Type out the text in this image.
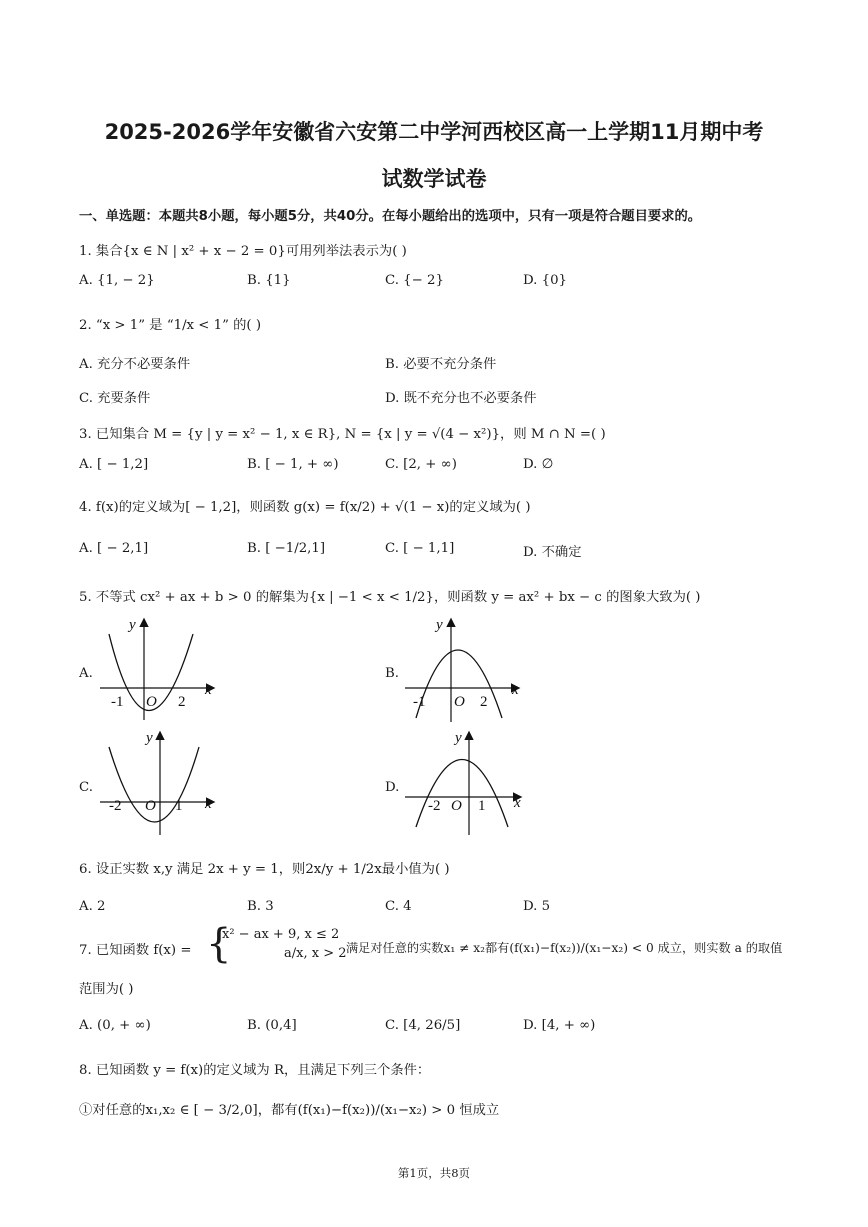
2025-2026学年安徽省六安第二中学河西校区高一上学期11月期中考
试数学试卷
一、单选题：本题共8小题，每小题5分，共40分。在每小题给出的选项中，只有一项是符合题目要求的。
1. 集合{x ∈ N | x² + x − 2 = 0}可用列举法表示为( )
A. {1, − 2}	B. {1}	C. {− 2}	D. {0}
2. “x > 1” 是 “1/x < 1” 的( )
A. 充分不必要条件	B. 必要不充分条件
C. 充要条件	D. 既不充分也不必要条件
3. 已知集合 M = {y | y = x² − 1, x ∈ R}, N = {x | y = √(4 − x²)}，则 M ∩ N =( )
A. [ − 1,2]	B. [ − 1, + ∞)	C. [2, + ∞)	D. ∅
4. f(x)的定义域为[ − 1,2]，则函数 g(x) = f(x/2) + √(1 − x)的定义域为( )
A. [ − 2,1]	B. [ −1/2,1]	C. [ − 1,1]	D. 不确定
5. 不等式 cx² + ax + b > 0 的解集为{x | −1 < x < 1/2}，则函数 y = ax² + bx − c 的图象大致为( )
A.
y
x
O
-1	2
B.
y
x
O
-1	2
C.
y
x
O
-2	1
D.
y
x
O
-2	1
6. 设正实数 x,y 满足 2x + y = 1，则2x/y + 1/2x最小值为( )
A. 2	B. 3	C. 4	D. 5
7. 已知函数 f(x) = {
x² − ax + 9, x ≤ 2
a/x, x > 2 满足对任意的实数x₁ ≠ x₂都有(f(x₁)−f(x₂))/(x₁−x₂) < 0 成立，则实数 a 的取值
范围为( )
A. (0, + ∞)	B. (0,4]	C. [4, 26/5]	D. [4, + ∞)
8. 已知函数 y = f(x)的定义域为 R，且满足下列三个条件：
①对任意的x₁,x₂ ∈ [ − 3/2,0]，都有(f(x₁)−f(x₂))/(x₁−x₂) > 0 恒成立
第1页，共8页
